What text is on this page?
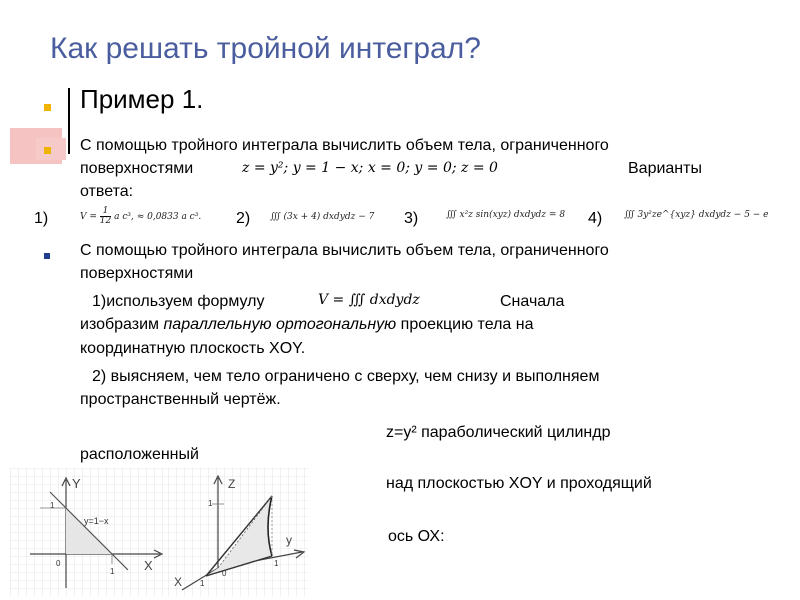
Как решать тройной интеграл?
Пример 1.
С помощью тройного интеграла вычислить объем тела, ограниченного
поверхностями	z = y²; y = 1 − x; x = 0; y = 0; z = 0	Варианты
ответа:
1)	$V = \frac{1}{12}$ a c³, ≈ 0,0833 a c³. 2) ∭ (3x + 4) dxdydz − 7 3)	∭ x²z sin(xyz) dxdydz = 8 4) ∭ 3y²ze^{xyz} dxdydz − 5 − e
С помощью тройного интеграла вычислить объем тела, ограниченного
поверхностями
1)используем формулу	V = ∭ dxdydz	Сначала
изобразим параллельную ортогональную проекцию тела на
координатную плоскость XOY.
2) выясняем, чем тело ограничено с сверху, чем снизу и выполняем
пространственный чертёж.
z=y² параболический цилиндр
расположенный
над плоскостью XOY и проходящий
ось ОХ:
Y
X
y=1−x
1
1
0
Z
y
X
1
1
1
0
